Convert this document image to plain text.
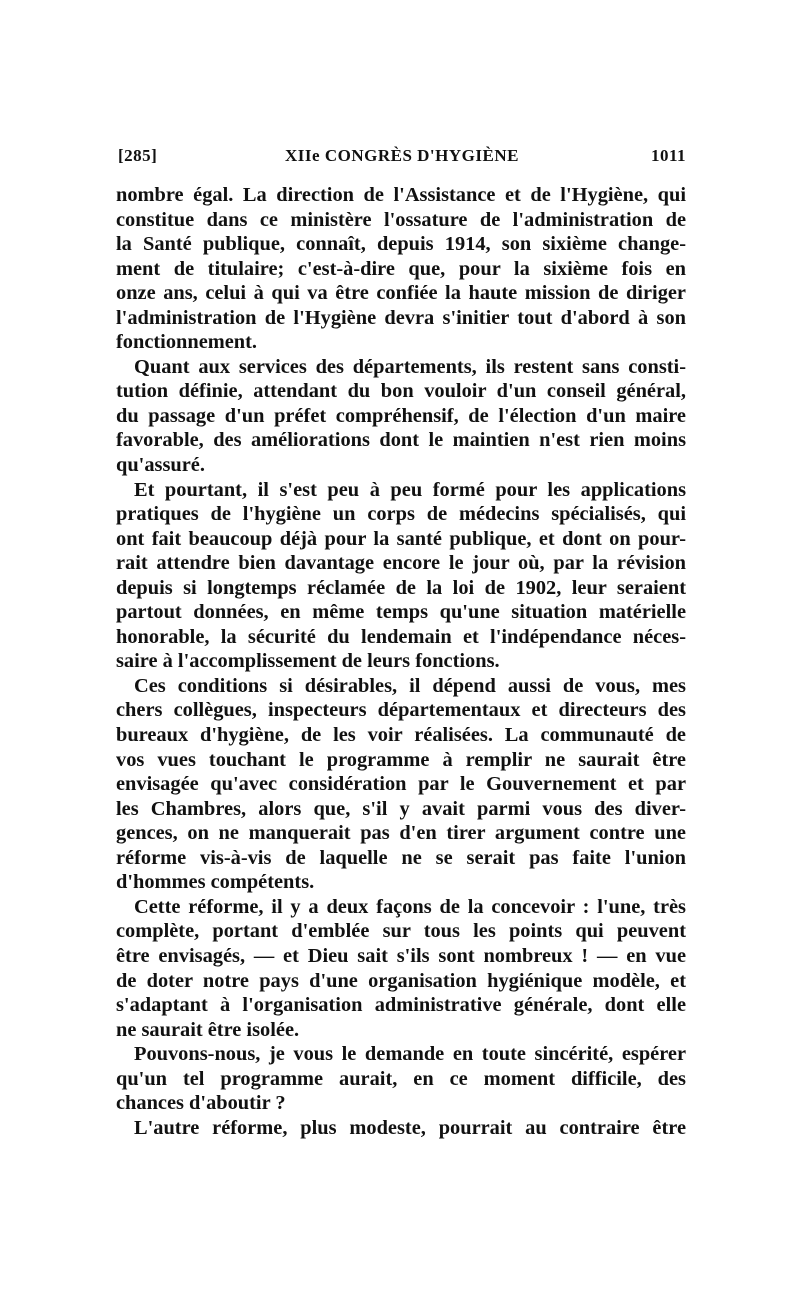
[285]	XIIe CONGRÈS D'HYGIÈNE	1011
nombre égal. La direction de l'Assistance et de l'Hygiène, qui
constitue dans ce ministère l'ossature de l'administration de
la Santé publique, connaît, depuis 1914, son sixième change-
ment de titulaire; c'est-à-dire que, pour la sixième fois en
onze ans, celui à qui va être confiée la haute mission de diriger
l'administration de l'Hygiène devra s'initier tout d'abord à son
fonctionnement.
Quant aux services des départements, ils restent sans consti-
tution définie, attendant du bon vouloir d'un conseil général,
du passage d'un préfet compréhensif, de l'élection d'un maire
favorable, des améliorations dont le maintien n'est rien moins
qu'assuré.
Et pourtant, il s'est peu à peu formé pour les applications
pratiques de l'hygiène un corps de médecins spécialisés, qui
ont fait beaucoup déjà pour la santé publique, et dont on pour-
rait attendre bien davantage encore le jour où, par la révision
depuis si longtemps réclamée de la loi de 1902, leur seraient
partout données, en même temps qu'une situation matérielle
honorable, la sécurité du lendemain et l'indépendance néces-
saire à l'accomplissement de leurs fonctions.
Ces conditions si désirables, il dépend aussi de vous, mes
chers collègues, inspecteurs départementaux et directeurs des
bureaux d'hygiène, de les voir réalisées. La communauté de
vos vues touchant le programme à remplir ne saurait être
envisagée qu'avec considération par le Gouvernement et par
les Chambres, alors que, s'il y avait parmi vous des diver-
gences, on ne manquerait pas d'en tirer argument contre une
réforme vis-à-vis de laquelle ne se serait pas faite l'union
d'hommes compétents.
Cette réforme, il y a deux façons de la concevoir : l'une, très
complète, portant d'emblée sur tous les points qui peuvent
être envisagés, — et Dieu sait s'ils sont nombreux ! — en vue
de doter notre pays d'une organisation hygiénique modèle, et
s'adaptant à l'organisation administrative générale, dont elle
ne saurait être isolée.
Pouvons-nous, je vous le demande en toute sincérité, espérer
qu'un tel programme aurait, en ce moment difficile, des
chances d'aboutir ?
L'autre réforme, plus modeste, pourrait au contraire être
